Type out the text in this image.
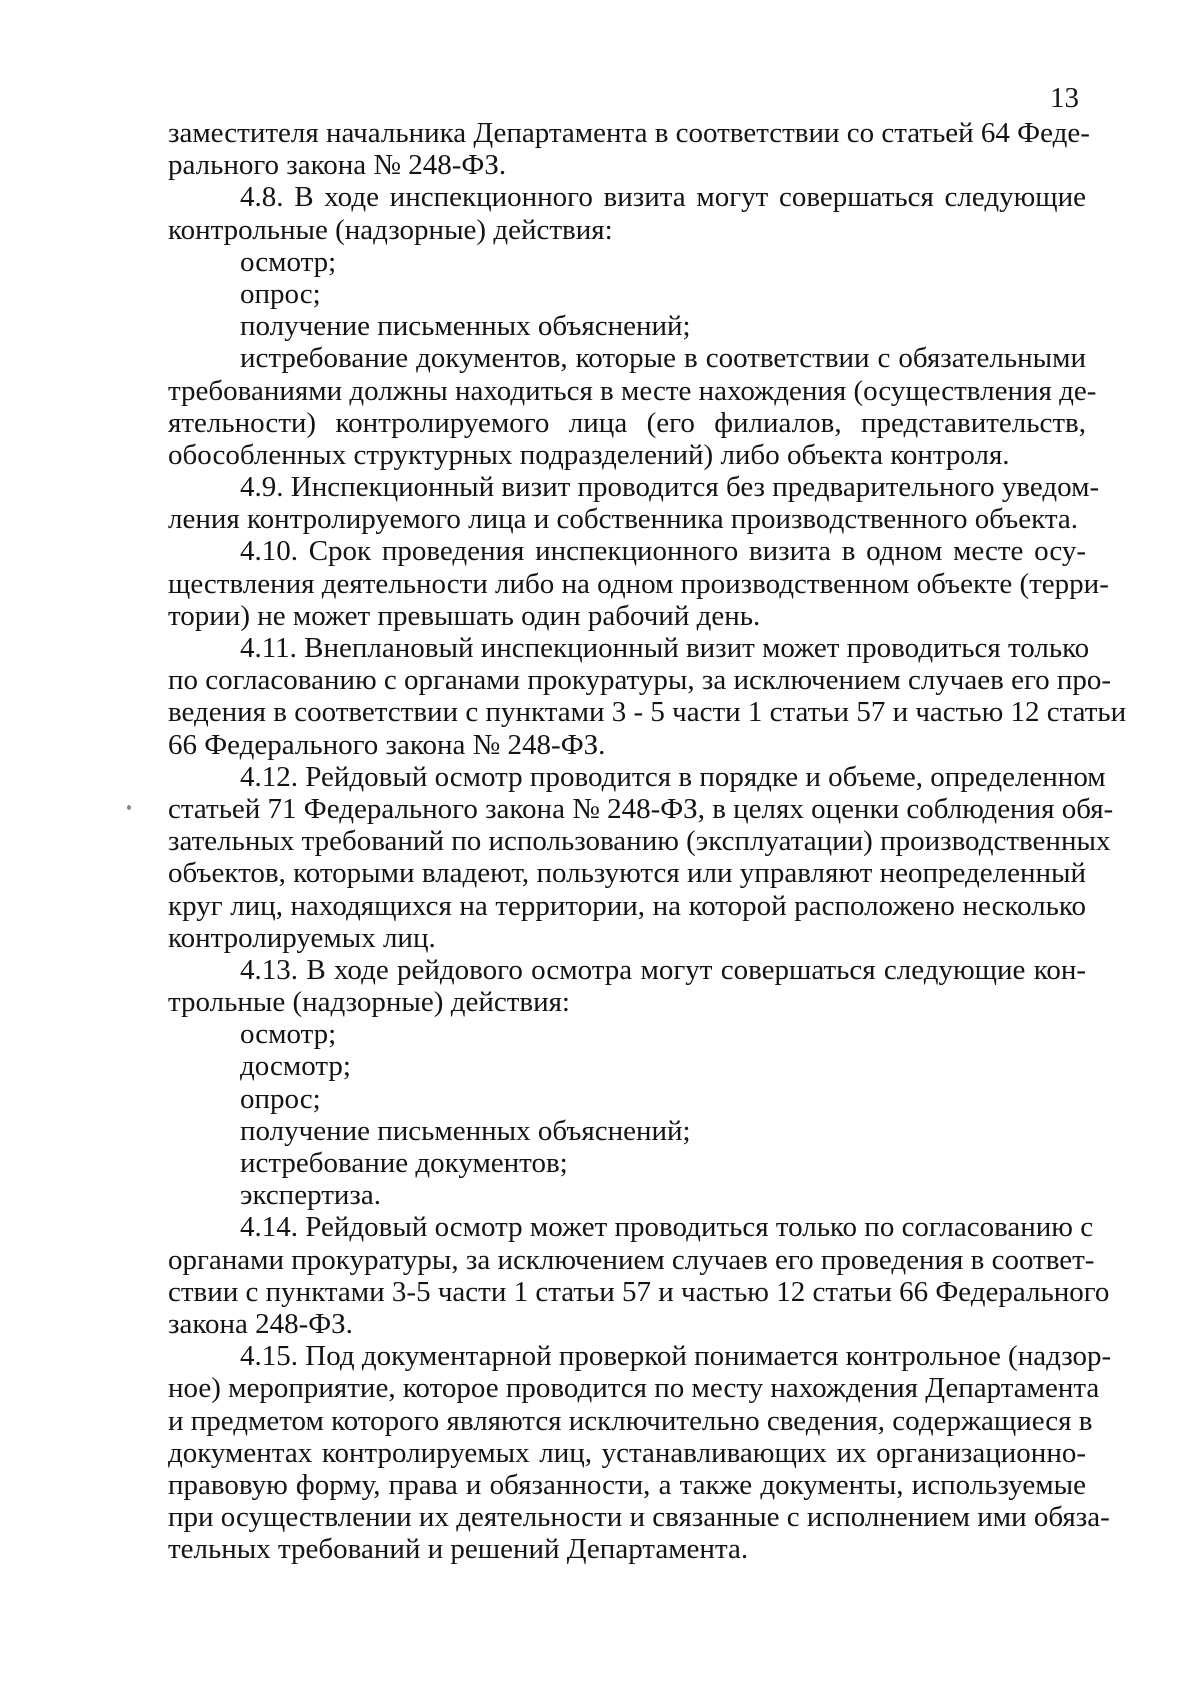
13
заместителя начальника Департамента в соответствии со статьей 64 Феде-
рального закона № 248-ФЗ.
4.8. В ходе инспекционного визита могут совершаться следующие
контрольные (надзорные) действия:
осмотр;
опрос;
получение письменных объяснений;
истребование документов, которые в соответствии с обязательными
требованиями должны находиться в месте нахождения (осуществления де-
ятельности) контролируемого лица (его филиалов, представительств,
обособленных структурных подразделений) либо объекта контроля.
4.9. Инспекционный визит проводится без предварительного уведом-
ления контролируемого лица и собственника производственного объекта.
4.10. Срок проведения инспекционного визита в одном месте осу-
ществления деятельности либо на одном производственном объекте (терри-
тории) не может превышать один рабочий день.
4.11. Внеплановый инспекционный визит может проводиться только
по согласованию с органами прокуратуры, за исключением случаев его про-
ведения в соответствии с пунктами 3 - 5 части 1 статьи 57 и частью 12 статьи
66 Федерального закона № 248-ФЗ.
4.12. Рейдовый осмотр проводится в порядке и объеме, определенном
статьей 71 Федерального закона № 248-ФЗ, в целях оценки соблюдения обя-
зательных требований по использованию (эксплуатации) производственных
объектов, которыми владеют, пользуются или управляют неопределенный
круг лиц, находящихся на территории, на которой расположено несколько
контролируемых лиц.
4.13. В ходе рейдового осмотра могут совершаться следующие кон-
трольные (надзорные) действия:
осмотр;
досмотр;
опрос;
получение письменных объяснений;
истребование документов;
экспертиза.
4.14. Рейдовый осмотр может проводиться только по согласованию с
органами прокуратуры, за исключением случаев его проведения в соответ-
ствии с пунктами 3-5 части 1 статьи 57 и частью 12 статьи 66 Федерального
закона 248-ФЗ.
4.15. Под документарной проверкой понимается контрольное (надзор-
ное) мероприятие, которое проводится по месту нахождения Департамента
и предметом которого являются исключительно сведения, содержащиеся в
документах контролируемых лиц, устанавливающих их организационно-
правовую форму, права и обязанности, а также документы, используемые
при осуществлении их деятельности и связанные с исполнением ими обяза-
тельных требований и решений Департамента.
